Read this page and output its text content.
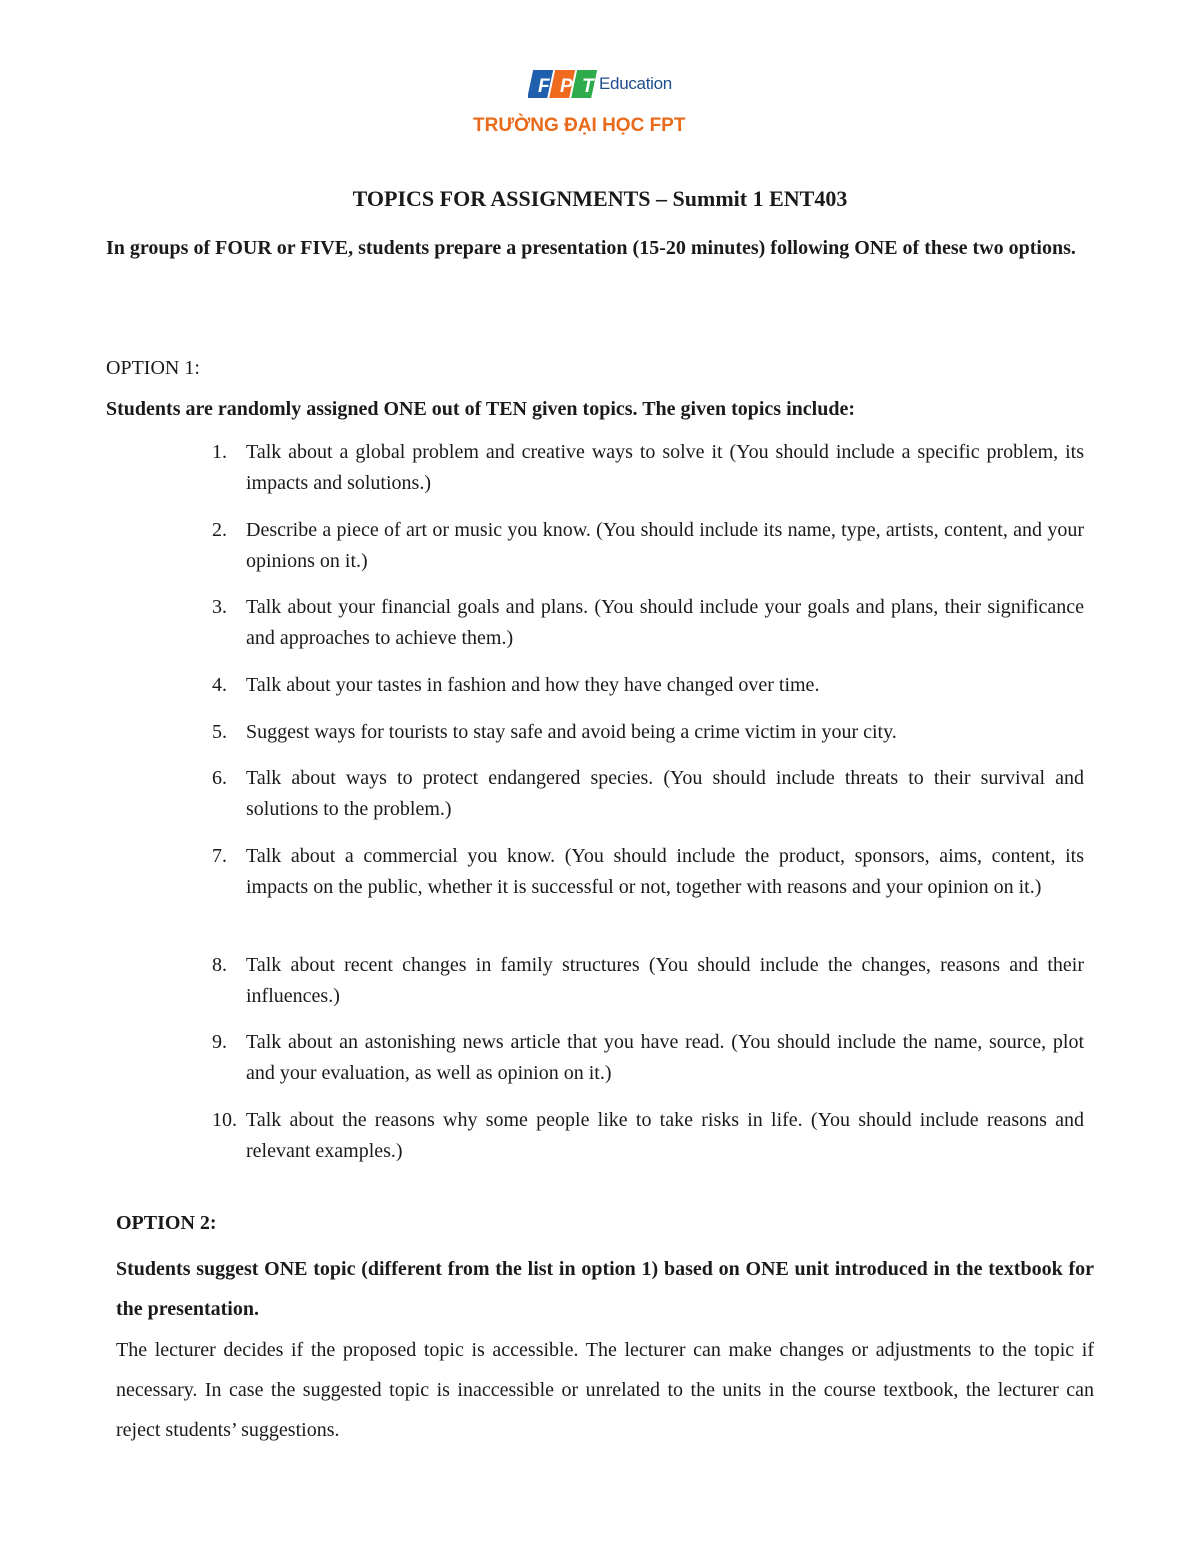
F P T Education
TRƯỜNG ĐẠI HỌC FPT
TOPICS FOR ASSIGNMENTS – Summit 1 ENT403
In groups of FOUR or FIVE, students prepare a presentation (15-20 minutes) following ONE of these two options.
OPTION 1:
Students are randomly assigned ONE out of TEN given topics. The given topics include:
1. Talk about a global problem and creative ways to solve it (You should include a specific problem, its impacts and solutions.)
2. Describe a piece of art or music you know. (You should include its name, type, artists, content, and your opinions on it.)
3. Talk about your financial goals and plans. (You should include your goals and plans, their significance and approaches to achieve them.)
4. Talk about your tastes in fashion and how they have changed over time.
5. Suggest ways for tourists to stay safe and avoid being a crime victim in your city.
6. Talk about ways to protect endangered species. (You should include threats to their survival and solutions to the problem.)
7. Talk about a commercial you know. (You should include the product, sponsors, aims, content, its impacts on the public, whether it is successful or not, together with reasons and your opinion on it.)
8. Talk about recent changes in family structures (You should include the changes, reasons and their influences.)
9. Talk about an astonishing news article that you have read. (You should include the name, source, plot and your evaluation, as well as opinion on it.)
10. Talk about the reasons why some people like to take risks in life. (You should include reasons and relevant examples.)
OPTION 2:
Students suggest ONE topic (different from the list in option 1) based on ONE unit introduced in the textbook for the presentation.
The lecturer decides if the proposed topic is accessible. The lecturer can make changes or adjustments to the topic if necessary. In case the suggested topic is inaccessible or unrelated to the units in the course textbook, the lecturer can reject students’ suggestions.
